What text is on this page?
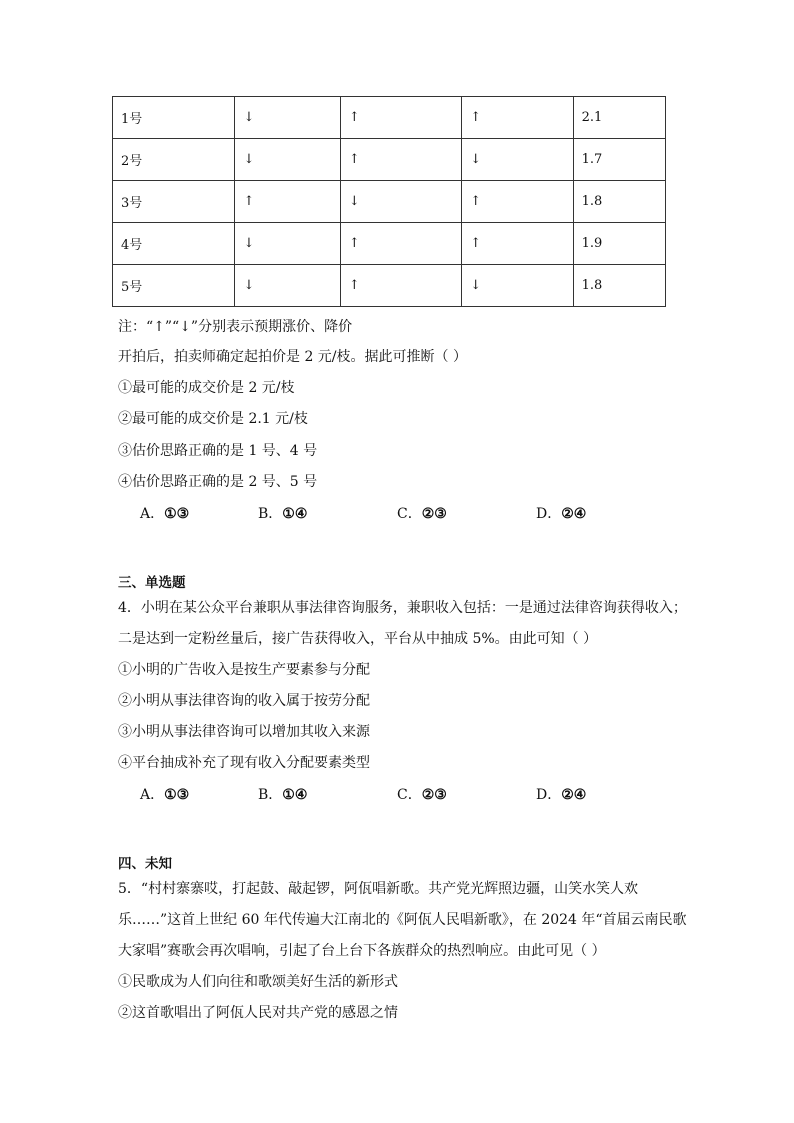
1号	↓	↑	↑	2.1
2号	↓	↑	↓	1.7
3号	↑	↓	↑	1.8
4号	↓	↑	↑	1.9
5号	↓	↑	↓	1.8
注：“↑”“↓”分别表示预期涨价、降价
开拍后，拍卖师确定起拍价是 2 元/枝。据此可推断（ ）
①最可能的成交价是 2 元/枝
②最可能的成交价是 2.1 元/枝
③估价思路正确的是 1 号、4 号
④估价思路正确的是 2 号、5 号
A．①③	B．①④	C．②③	D．②④
三、单选题
4．小明在某公众平台兼职从事法律咨询服务，兼职收入包括：一是通过法律咨询获得收入；
二是达到一定粉丝量后，接广告获得收入，平台从中抽成 5%。由此可知（ ）
①小明的广告收入是按生产要素参与分配
②小明从事法律咨询的收入属于按劳分配
③小明从事法律咨询可以增加其收入来源
④平台抽成补充了现有收入分配要素类型
A．①③	B．①④	C．②③	D．②④
四、未知
5．“村村寨寨哎，打起鼓、敲起锣，阿佤唱新歌。共产党光辉照边疆，山笑水笑人欢
乐……”这首上世纪 60 年代传遍大江南北的《阿佤人民唱新歌》，在 2024 年“首届云南民歌
大家唱”赛歌会再次唱响，引起了台上台下各族群众的热烈响应。由此可见（ ）
①民歌成为人们向往和歌颂美好生活的新形式
②这首歌唱出了阿佤人民对共产党的感恩之情
